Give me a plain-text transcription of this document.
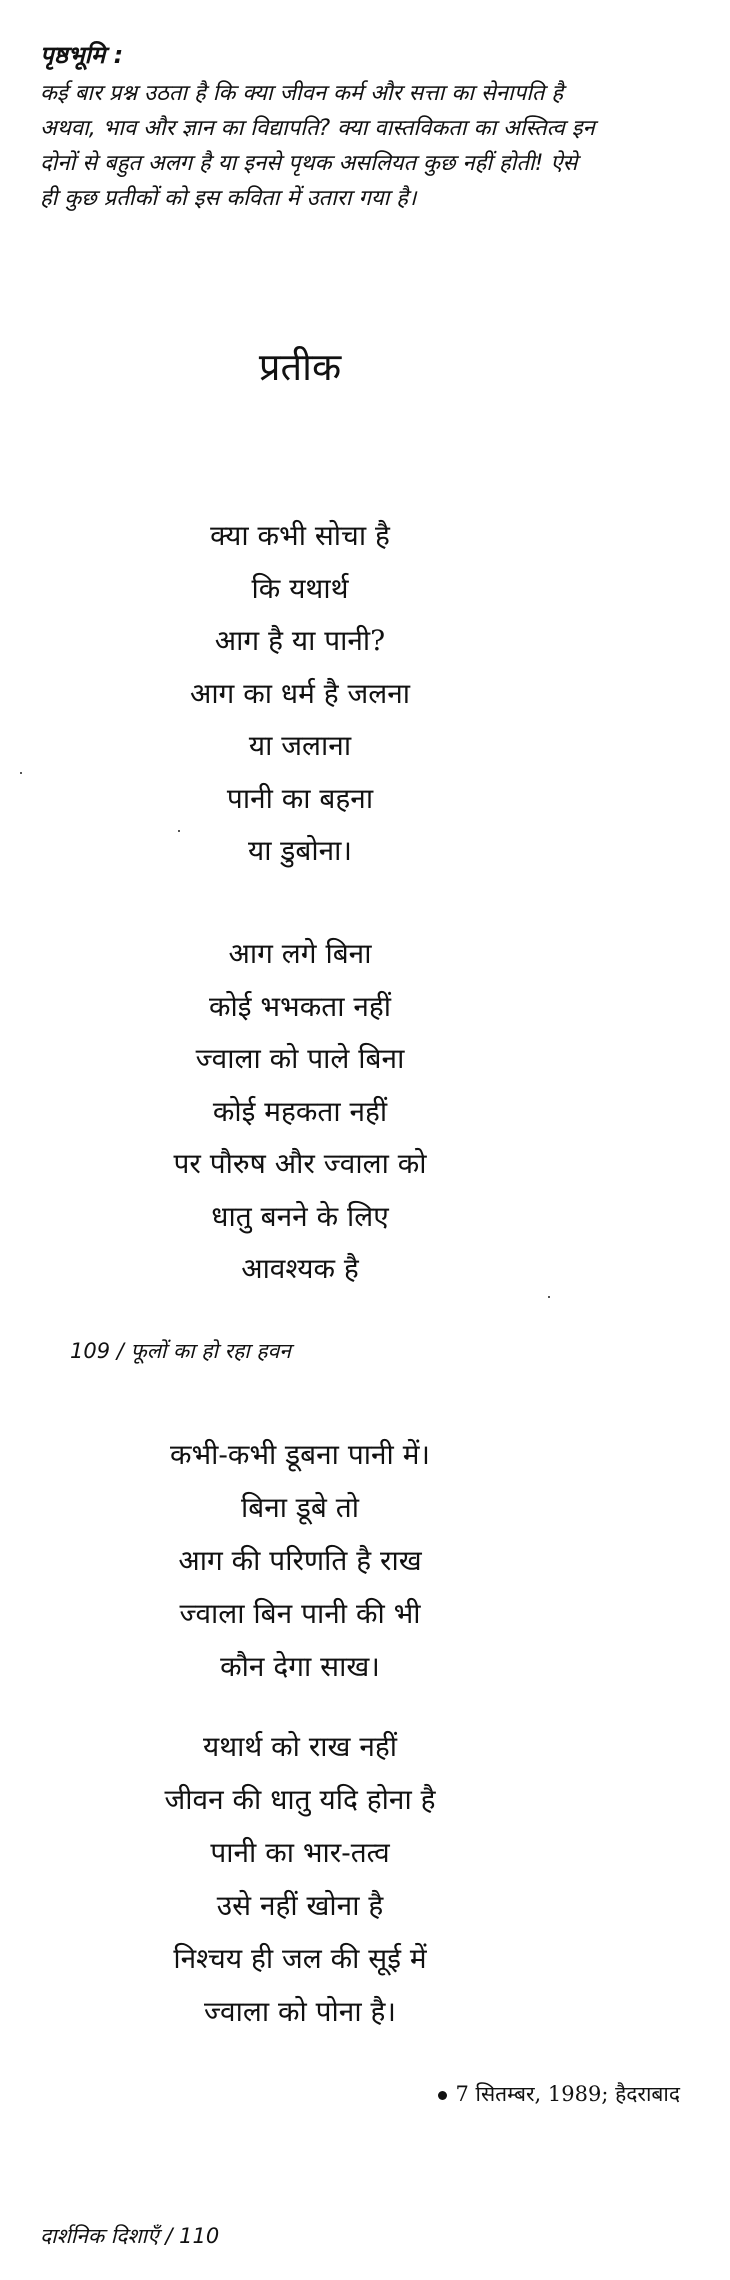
पृष्ठभूमि :
कई बार प्रश्न उठता है कि क्या जीवन कर्म और सत्ता का सेनापति है
अथवा, भाव और ज्ञान का विद्यापति? क्या वास्तविकता का अस्तित्व इन
दोनों से बहुत अलग है या इनसे पृथक असलियत कुछ नहीं होती! ऐसे
ही कुछ प्रतीकों को इस कविता में उतारा गया है।
प्रतीक
क्या कभी सोचा है
कि यथार्थ
आग है या पानी?
आग का धर्म है जलना
या जलाना
पानी का बहना
या डुबोना।
आग लगे बिना
कोई भभकता नहीं
ज्वाला को पाले बिना
कोई महकता नहीं
पर पौरुष और ज्वाला को
धातु बनने के लिए
आवश्यक है
109 / फूलों का हो रहा हवन
कभी-कभी डूबना पानी में।
बिना डूबे तो
आग की परिणति है राख
ज्वाला बिन पानी की भी
कौन देगा साख।
यथार्थ को राख नहीं
जीवन की धातु यदि होना है
पानी का भार-तत्व
उसे नहीं खोना है
निश्चय ही जल की सूई में
ज्वाला को पोना है।
7 सितम्बर, 1989; हैदराबाद
दार्शनिक दिशाएँ / 110
